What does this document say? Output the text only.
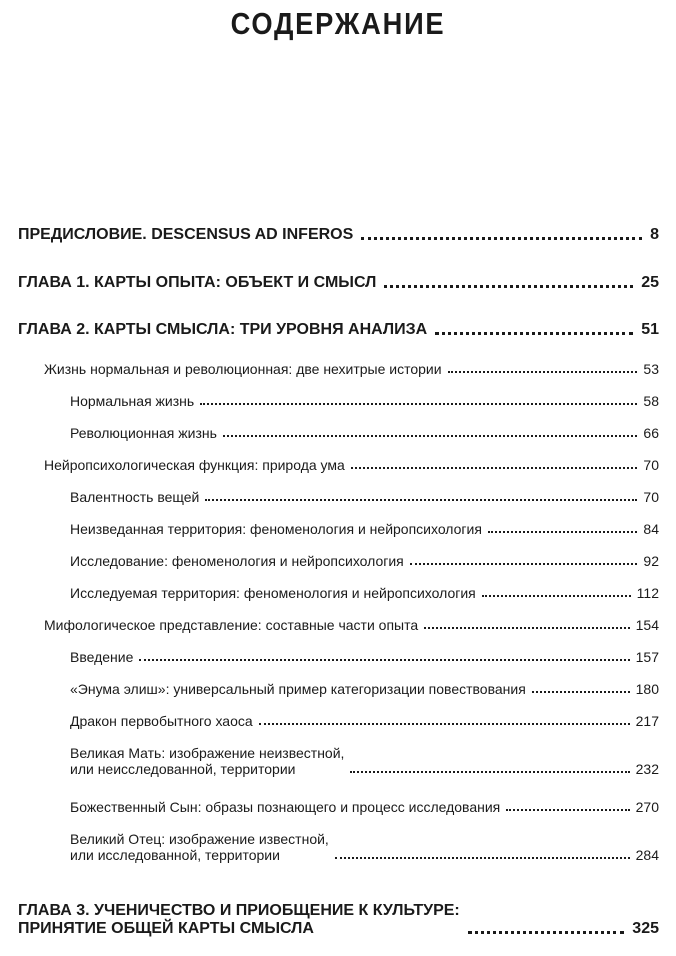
СОДЕРЖАНИЕ
ПРЕДИСЛОВИЕ. DESCENSUS AD INFEROS	8
ГЛАВА 1. КАРТЫ ОПЫТА: ОБЪЕКТ И СМЫСЛ	25
ГЛАВА 2. КАРТЫ СМЫСЛА: ТРИ УРОВНЯ АНАЛИЗА	51
Жизнь нормальная и революционная: две нехитрые истории	53
Нормальная жизнь	58
Революционная жизнь	66
Нейропсихологическая функция: природа ума	70
Валентность вещей	70
Неизведанная территория: феноменология и нейропсихология	84
Исследование: феноменология и нейропсихология	92
Исследуемая территория: феноменология и нейропсихология	112
Мифологическое представление: составные части опыта	154
Введение	157
«Энума элиш»: универсальный пример категоризации повествования	180
Дракон первобытного хаоса	217
Великая Мать: изображение неизвестной,
или неисследованной, территории	232
Божественный Сын: образы познающего и процесс исследования	270
Великий Отец: изображение известной,
или исследованной, территории	284
ГЛАВА 3. УЧЕНИЧЕСТВО И ПРИОБЩЕНИЕ К КУЛЬТУРЕ:
ПРИНЯТИЕ ОБЩЕЙ КАРТЫ СМЫСЛА	325
